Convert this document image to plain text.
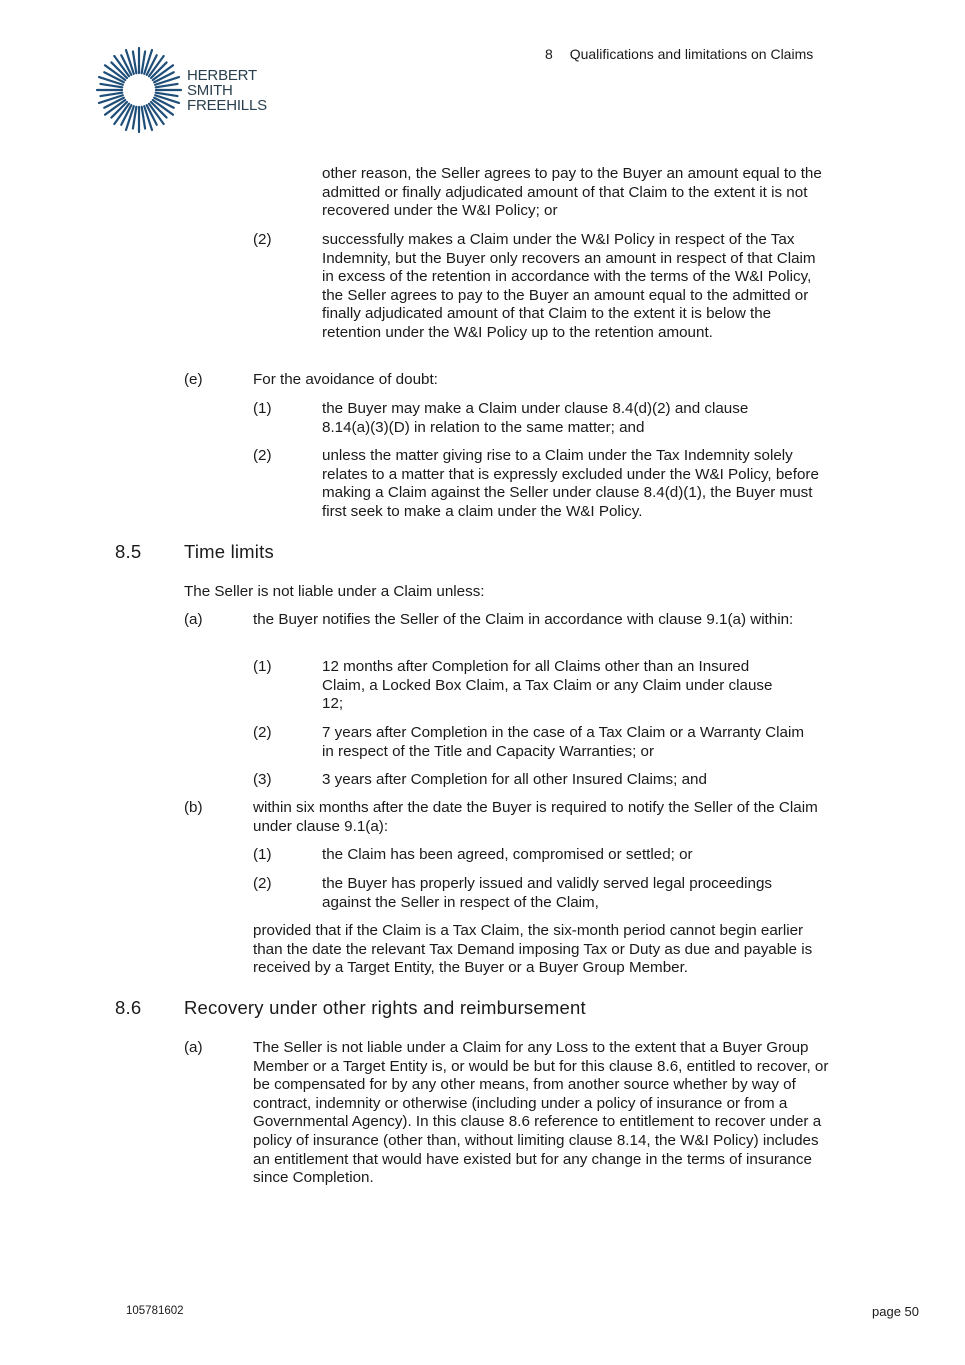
HERBERT
SMITH
FREEHILLS
8 Qualifications and limitations on Claims
other reason, the Seller agrees to pay to the Buyer an amount equal to the admitted or finally adjudicated amount of that Claim to the extent it is not recovered under the W&I Policy; or
(2)	successfully makes a Claim under the W&I Policy in respect of the Tax Indemnity, but the Buyer only recovers an amount in respect of that Claim in excess of the retention in accordance with the terms of the W&I Policy, the Seller agrees to pay to the Buyer an amount equal to the admitted or finally adjudicated amount of that Claim to the extent it is below the retention under the W&I Policy up to the retention amount.
(e)	For the avoidance of doubt:
(1)	the Buyer may make a Claim under clause 8.4(d)(2) and clause 8.14(a)(3)(D) in relation to the same matter; and
(2)	unless the matter giving rise to a Claim under the Tax Indemnity solely relates to a matter that is expressly excluded under the W&I Policy, before making a Claim against the Seller under clause 8.4(d)(1), the Buyer must first seek to make a claim under the W&I Policy.
8.5 Time limits
The Seller is not liable under a Claim unless:
(a)	the Buyer notifies the Seller of the Claim in accordance with clause 9.1(a) within:
(1)	12 months after Completion for all Claims other than an Insured Claim, a Locked Box Claim, a Tax Claim or any Claim under clause 12;
(2)	7 years after Completion in the case of a Tax Claim or a Warranty Claim in respect of the Title and Capacity Warranties; or
(3)	3 years after Completion for all other Insured Claims; and
(b)	within six months after the date the Buyer is required to notify the Seller of the Claim under clause 9.1(a):
(1)	the Claim has been agreed, compromised or settled; or
(2)	the Buyer has properly issued and validly served legal proceedings against the Seller in respect of the Claim,
provided that if the Claim is a Tax Claim, the six-month period cannot begin earlier than the date the relevant Tax Demand imposing Tax or Duty as due and payable is received by a Target Entity, the Buyer or a Buyer Group Member.
8.6 Recovery under other rights and reimbursement
(a)	The Seller is not liable under a Claim for any Loss to the extent that a Buyer Group Member or a Target Entity is, or would be but for this clause 8.6, entitled to recover, or be compensated for by any other means, from another source whether by way of contract, indemnity or otherwise (including under a policy of insurance or from a Governmental Agency). In this clause 8.6 reference to entitlement to recover under a policy of insurance (other than, without limiting clause 8.14, the W&I Policy) includes an entitlement that would have existed but for any change in the terms of insurance since Completion.
105781602	page 50
